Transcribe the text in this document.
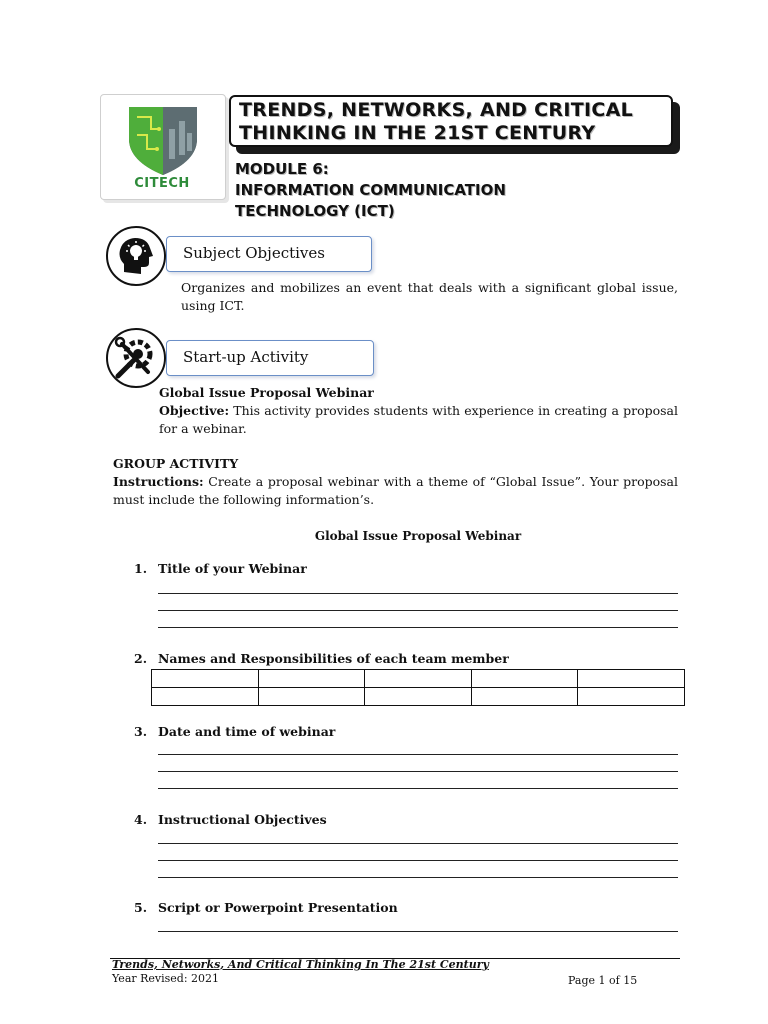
CITECH
TRENDS, NETWORKS, AND CRITICAL
THINKING IN THE 21ST CENTURY
MODULE 6:
INFORMATION COMMUNICATION
TECHNOLOGY (ICT)
Subject Objectives
Organizes and mobilizes an event that deals with a significant global issue, using ICT.
Start-up Activity
Global Issue Proposal Webinar
Objective: This activity provides students with experience in creating a proposal for a webinar.
GROUP ACTIVITY
Instructions: Create a proposal webinar with a theme of “Global Issue”. Your proposal must include the following information’s.
Global Issue Proposal Webinar
1. Title of your Webinar
2. Names and Responsibilities of each team member

3. Date and time of webinar
4. Instructional Objectives
5. Script or Powerpoint Presentation
Trends, Networks, And Critical Thinking In The 21st Century
Year Revised: 2021	Page 1 of 15
